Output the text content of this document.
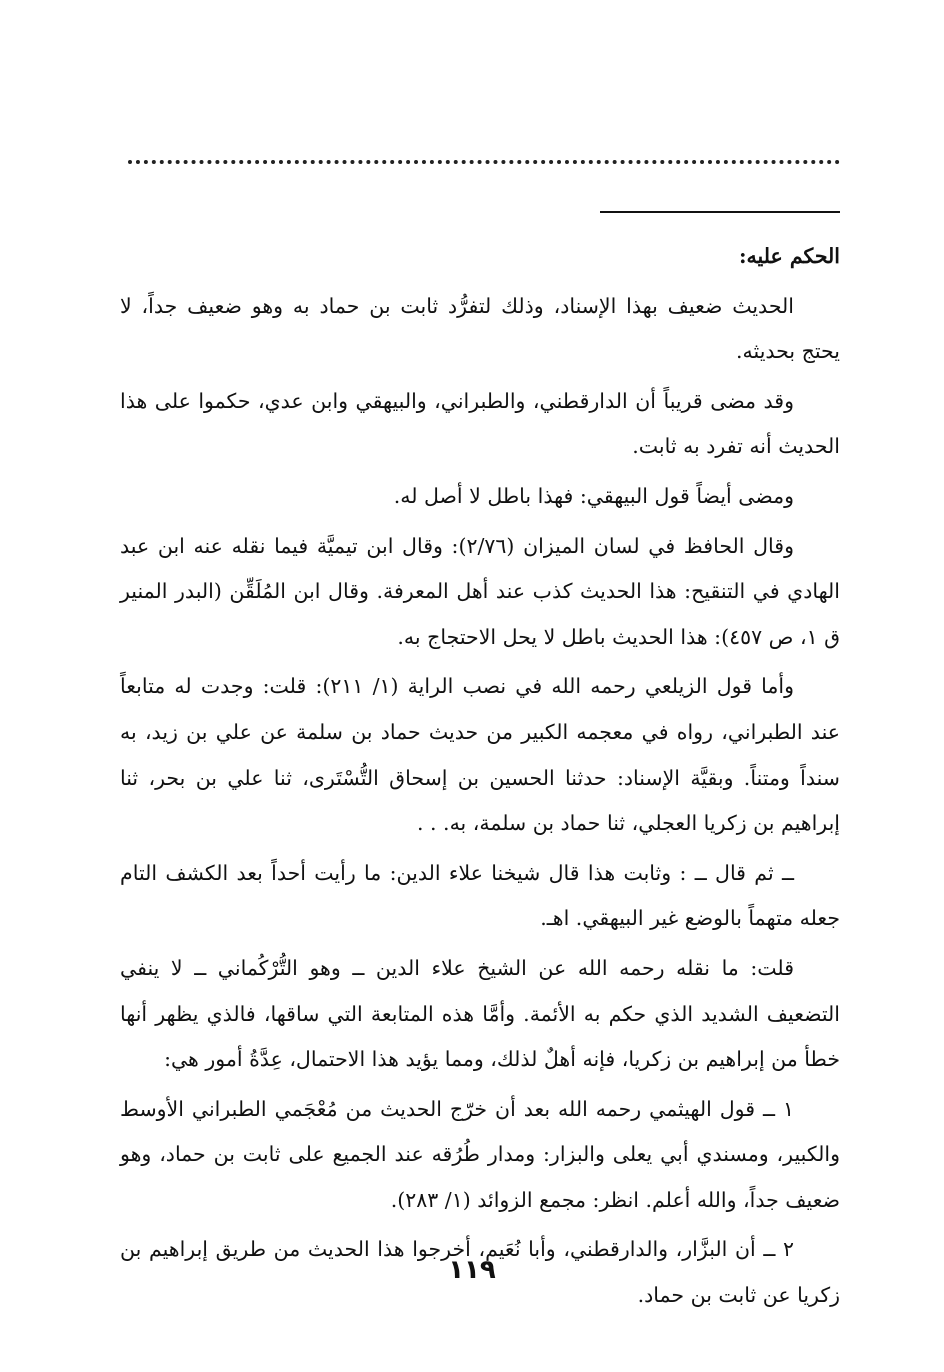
الحكم عليه:

الحديث ضعيف بهذا الإسناد، وذلك لتفرُّد ثابت بن حماد به وهو ضعيف جداً، لا يحتج بحديثه.

وقد مضى قريباً أن الدارقطني، والطبراني، والبيهقي وابن عدي، حكموا على هذا الحديث أنه تفرد به ثابت.

ومضى أيضاً قول البيهقي: فهذا باطل لا أصل له.

وقال الحافظ في لسان الميزان (٢/٧٦): وقال ابن تيميَّة فيما نقله عنه ابن عبد الهادي في التنقيح: هذا الحديث كذب عند أهل المعرفة. وقال ابن المُلَقِّن (البدر المنير ق ١، ص ٤٥٧): هذا الحديث باطل لا يحل الاحتجاج به.

وأما قول الزيلعي رحمه الله في نصب الراية (١/ ٢١١): قلت: وجدت له متابعاً عند الطبراني، رواه في معجمه الكبير من حديث حماد بن سلمة عن علي بن زيد، به سنداً ومتناً. وبقيَّة الإسناد: حدثنا الحسين بن إسحاق التُّسْتَرى، ثنا علي بن بحر، ثنا إبراهيم بن زكريا العجلي، ثنا حماد بن سلمة، به. . .

ــ ثم قال ــ : وثابت هذا قال شيخنا علاء الدين: ما رأيت أحداً بعد الكشف التام جعله متهماً بالوضع غير البيهقي. اهـ.

قلت: ما نقله رحمه الله عن الشيخ علاء الدين ــ وهو التُّرْكُماني ــ لا ينفي التضعيف الشديد الذي حكم به الأئمة. وأمَّا هذه المتابعة التي ساقها، فالذي يظهر أنها خطأ من إبراهيم بن زكريا، فإنه أهلٌ لذلك، ومما يؤيد هذا الاحتمال، عِدَّةُ أمور هي:

١ ــ قول الهيثمي رحمه الله بعد أن خرّج الحديث من مُعْجَمي الطبراني الأوسط والكبير، ومسندي أبي يعلى والبزار: ومدار طُرُقه عند الجميع على ثابت بن حماد، وهو ضعيف جداً، والله أعلم. انظر: مجمع الزوائد (١/ ٢٨٣).

٢ ــ أن البزَّار، والدارقطني، وأبا نُعَيم، أخرجوا هذا الحديث من طريق إبراهيم بن زكريا عن ثابت بن حماد.

١١٩
